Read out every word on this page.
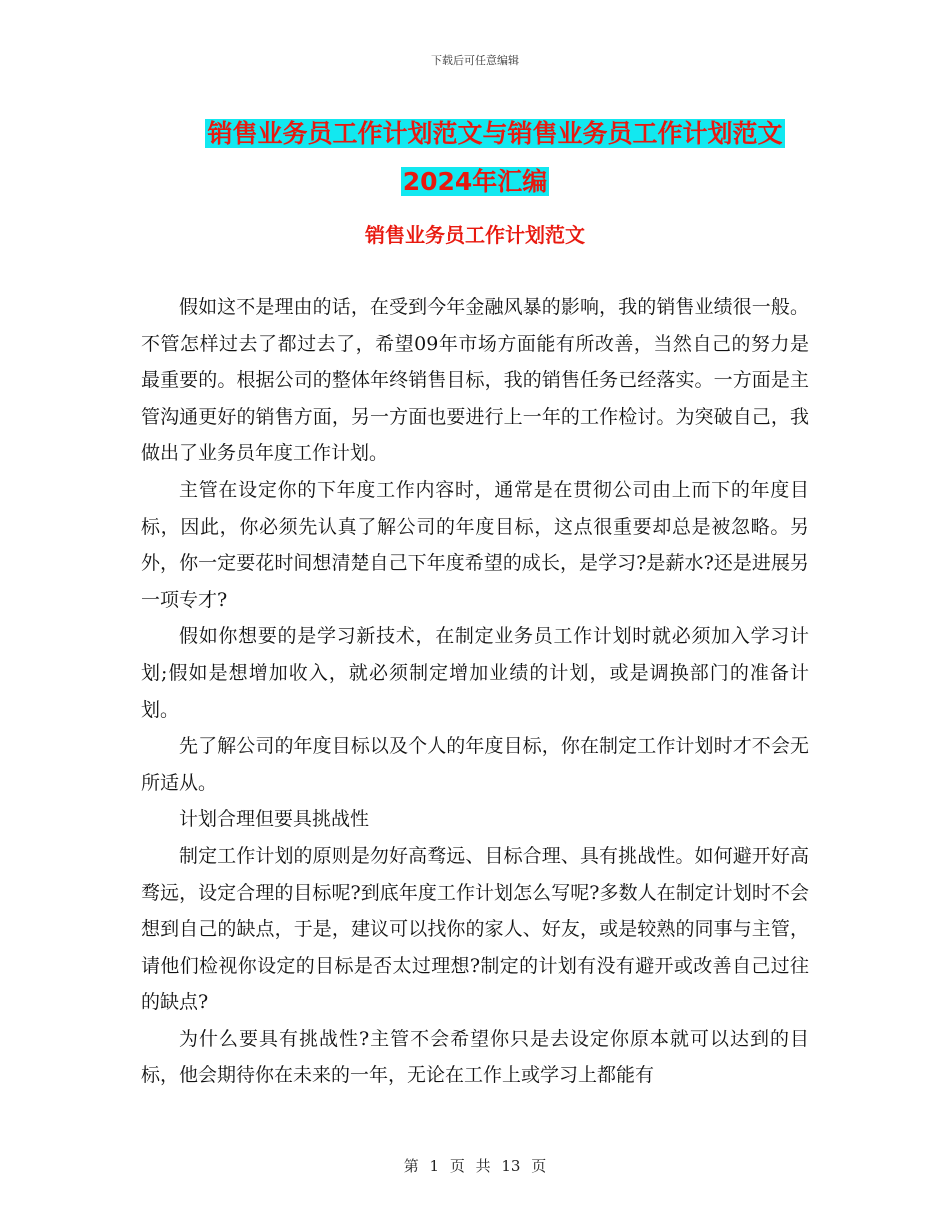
下载后可任意编辑
销售业务员工作计划范文与销售业务员工作计划范文
2024年汇编
销售业务员工作计划范文

假如这不是理由的话，在受到今年金融风暴的影响，我的销售业绩很一般。不管怎样过去了都过去了，希望09年市场方面能有所改善，当然自己的努力是最重要的。根据公司的整体年终销售目标，我的销售任务已经落实。一方面是主管沟通更好的销售方面，另一方面也要进行上一年的工作检讨。为突破自己，我做出了业务员年度工作计划。

主管在设定你的下年度工作内容时，通常是在贯彻公司由上而下的年度目标，因此，你必须先认真了解公司的年度目标，这点很重要却总是被忽略。另外，你一定要花时间想清楚自己下年度希望的成长，是学习?是薪水?还是进展另一项专才?

假如你想要的是学习新技术，在制定业务员工作计划时就必须加入学习计划;假如是想增加收入，就必须制定增加业绩的计划，或是调换部门的准备计划。

先了解公司的年度目标以及个人的年度目标，你在制定工作计划时才不会无所适从。

计划合理但要具挑战性

制定工作计划的原则是勿好高骛远、目标合理、具有挑战性。如何避开好高骛远，设定合理的目标呢?到底年度工作计划怎么写呢?多数人在制定计划时不会想到自己的缺点，于是，建议可以找你的家人、好友，或是较熟的同事与主管，请他们检视你设定的目标是否太过理想?制定的计划有没有避开或改善自己过往的缺点?

为什么要具有挑战性?主管不会希望你只是去设定你原本就可以达到的目标，他会期待你在未来的一年，无论在工作上或学习上都能有

第 1 页 共 13 页
